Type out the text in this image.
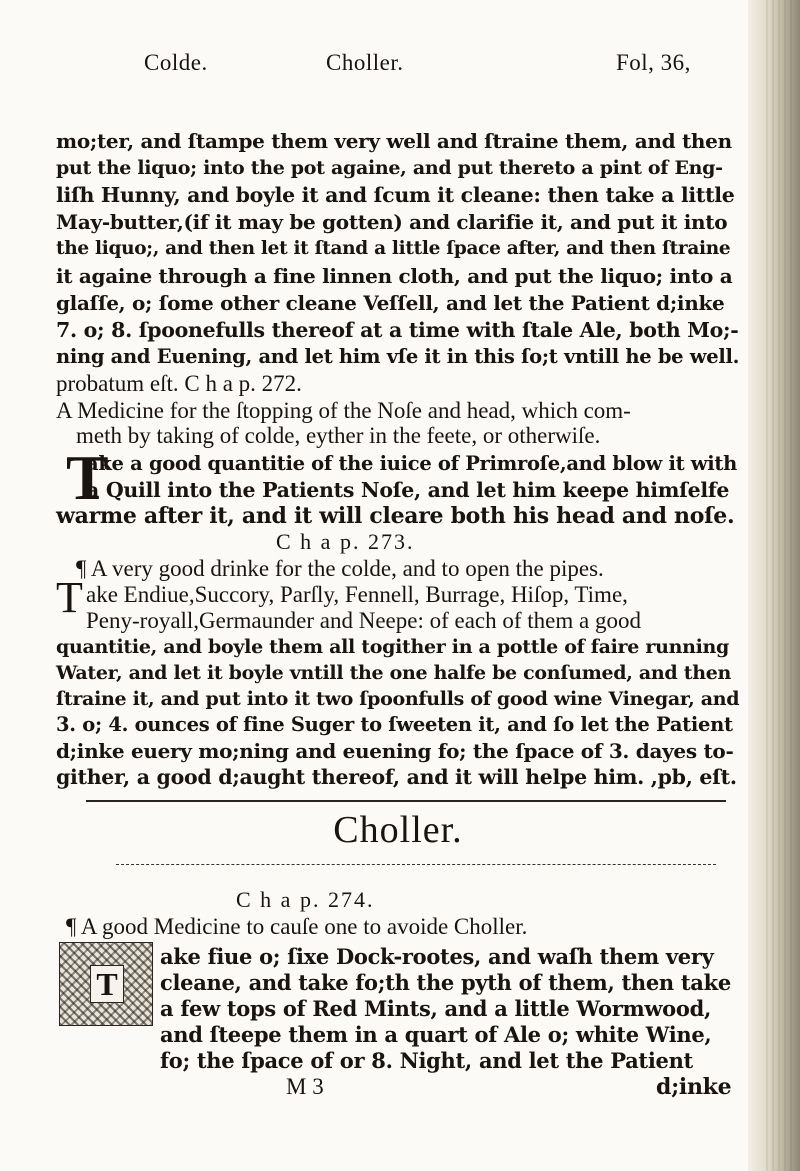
Colde.	Choller.	Fol, 36,
mo;ter, and ſtampe them very well and ſtraine them, and then
put the liquo; into the pot againe, and put thereto a pint of Eng-
liſh Hunny, and boyle it and ſcum it cleane: then take a little
May-butter,(if it may be gotten) and clarifie it, and put it into
the liquo;, and then let it ſtand a little ſpace after, and then ſtraine
it againe through a fine linnen cloth, and put the liquo; into a
glaſſe, o; ſome other cleane Veſſell, and let the Patient d;inke
7. o; 8. ſpoonefulls thereof at a time with ſtale Ale, both Mo;-
ning and Euening, and let him vſe it in this ſo;t vntill he be well.
probatum eſt. C h a p. 272.
A Medicine for the ſtopping of the Noſe and head, which com-
meth by taking of colde, eyther in the feete, or otherwiſe.
T
ake a good quantitie of the iuice of Primroſe,and blow it with
a Quill into the Patients Noſe, and let him keepe himſelfe
warme after it, and it will cleare both his head and noſe.
C h a p. 273.
¶ A very good drinke for the colde, and to open the pipes.
T ake Endiue,Succory, Parſly, Fennell, Burrage, Hiſop, Time,
Peny-royall,Germaunder and Neepe: of each of them a good
quantitie, and boyle them all togither in a pottle of faire running
Water, and let it boyle vntill the one halfe be conſumed, and then
ſtraine it, and put into it two ſpoonfulls of good wine Vinegar, and
3. o; 4. ounces of fine Suger to ſweeten it, and ſo let the Patient
d;inke euery mo;ning and euening fo; the ſpace of 3. dayes to-
gither, a good d;aught thereof, and it will helpe him. ,pb, eſt.
Choller.
C h a p. 274.
¶ A good Medicine to cauſe one to avoide Choller.
T
ake fiue o; ſixe Dock-rootes, and waſh them very
cleane, and take fo;th the pyth of them, then take
a few tops of Red Mints, and a little Wormwood,
and ſteepe them in a quart of Ale o; white Wine,
fo; the ſpace of or 8. Night, and let the Patient
M 3	d;inke
